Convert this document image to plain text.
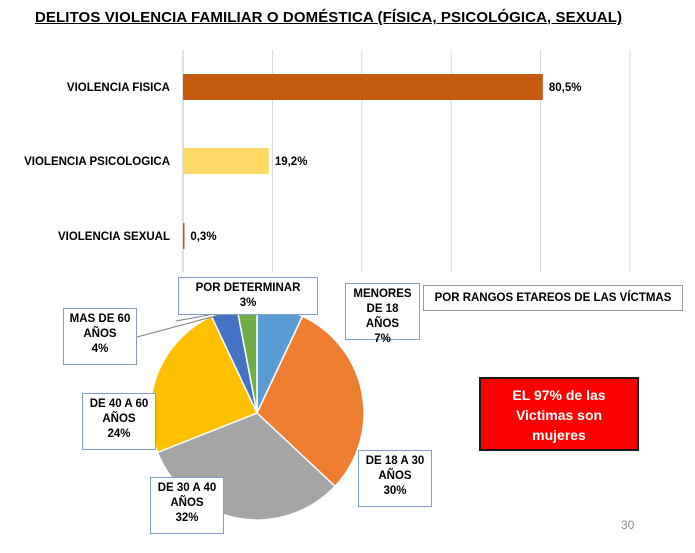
DELITOS VIOLENCIA FAMILIAR O DOMÉSTICA (FÍSICA, PSICOLÓGICA, SEXUAL)
VIOLENCIA FISICA	80,5%
VIOLENCIA PSICOLOGICA	19,2%
VIOLENCIA SEXUAL 0,3%
POR RANGOS ETAREOS DE LAS VÍCTMAS
MENORES
DE 18 AÑOS
7%
DE 18 A 30
AÑOS
30%
DE 30 A 40
AÑOS
32%
DE 40 A 60
AÑOS
24%
MAS DE 60
AÑOS
4%
POR DETERMINAR
3%
EL 97% de las
Victimas son
mujeres
30
